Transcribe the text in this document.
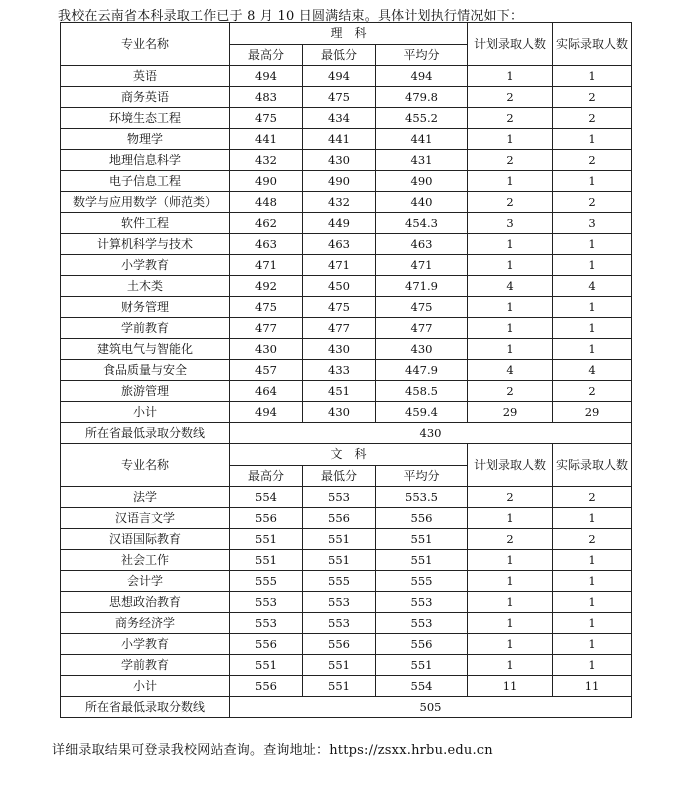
我校在云南省本科录取工作已于 8 月 10 日圆满结束。具体计划执行情况如下：
专业名称	理　科			计划录取人数	实际录取人数
	最高分	最低分	平均分		
英语	494	494	494	1	1
商务英语	483	475	479.8	2	2
环境生态工程	475	434	455.2	2	2
物理学	441	441	441	1	1
地理信息科学	432	430	431	2	2
电子信息工程	490	490	490	1	1
数学与应用数学（师范类）	448	432	440	2	2
软件工程	462	449	454.3	3	3
计算机科学与技术	463	463	463	1	1
小学教育	471	471	471	1	1
土木类	492	450	471.9	4	4
财务管理	475	475	475	1	1
学前教育	477	477	477	1	1
建筑电气与智能化	430	430	430	1	1
食品质量与安全	457	433	447.9	4	4
旅游管理	464	451	458.5	2	2
小计	494	430	459.4	29	29
所在省最低录取分数线	430				
专业名称	文　科			计划录取人数	实际录取人数
	最高分	最低分	平均分		
法学	554	553	553.5	2	2
汉语言文学	556	556	556	1	1
汉语国际教育	551	551	551	2	2
社会工作	551	551	551	1	1
会计学	555	555	555	1	1
思想政治教育	553	553	553	1	1
商务经济学	553	553	553	1	1
小学教育	556	556	556	1	1
学前教育	551	551	551	1	1
小计	556	551	554	11	11
所在省最低录取分数线	505				
详细录取结果可登录我校网站查询。查询地址：https://zsxx.hrbu.edu.cn
